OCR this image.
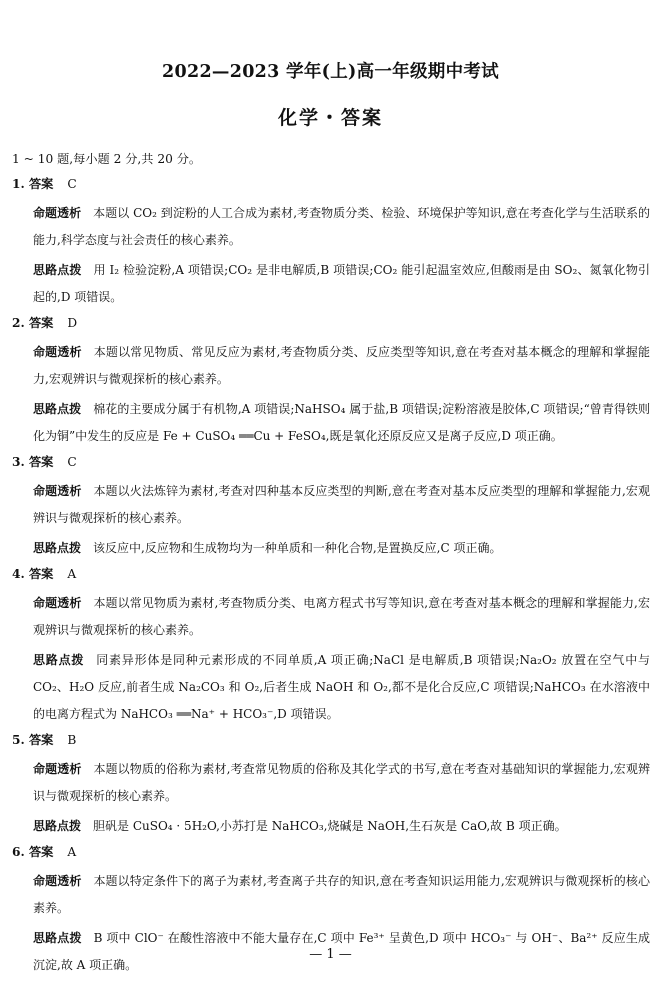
2022—2023 学年(上)高一年级期中考试
化学・答案
1 ~ 10 题,每小题 2 分,共 20 分。
1. 答案 C
命题透析 本题以 CO₂ 到淀粉的人工合成为素材,考查物质分类、检验、环境保护等知识,意在考查化学与生活联系的能力,科学态度与社会责任的核心素养。
思路点拨 用 I₂ 检验淀粉,A 项错误;CO₂ 是非电解质,B 项错误;CO₂ 能引起温室效应,但酸雨是由 SO₂、氮氧化物引起的,D 项错误。
2. 答案 D
命题透析 本题以常见物质、常见反应为素材,考查物质分类、反应类型等知识,意在考查对基本概念的理解和掌握能力,宏观辨识与微观探析的核心素养。
思路点拨 棉花的主要成分属于有机物,A 项错误;NaHSO₄ 属于盐,B 项错误;淀粉溶液是胶体,C 项错误;“曾青得铁则化为铜”中发生的反应是 Fe + CuSO₄ ══Cu + FeSO₄,既是氧化还原反应又是离子反应,D 项正确。
3. 答案 C
命题透析 本题以火法炼锌为素材,考查对四种基本反应类型的判断,意在考查对基本反应类型的理解和掌握能力,宏观辨识与微观探析的核心素养。
思路点拨 该反应中,反应物和生成物均为一种单质和一种化合物,是置换反应,C 项正确。
4. 答案 A
命题透析 本题以常见物质为素材,考查物质分类、电离方程式书写等知识,意在考查对基本概念的理解和掌握能力,宏观辨识与微观探析的核心素养。
思路点拨 同素异形体是同种元素形成的不同单质,A 项正确;NaCl 是电解质,B 项错误;Na₂O₂ 放置在空气中与 CO₂、H₂O 反应,前者生成 Na₂CO₃ 和 O₂,后者生成 NaOH 和 O₂,都不是化合反应,C 项错误;NaHCO₃ 在水溶液中的电离方程式为 NaHCO₃ ══Na⁺ + HCO₃⁻,D 项错误。
5. 答案 B
命题透析 本题以物质的俗称为素材,考查常见物质的俗称及其化学式的书写,意在考查对基础知识的掌握能力,宏观辨识与微观探析的核心素养。
思路点拨 胆矾是 CuSO₄ · 5H₂O,小苏打是 NaHCO₃,烧碱是 NaOH,生石灰是 CaO,故 B 项正确。
6. 答案 A
命题透析 本题以特定条件下的离子为素材,考查离子共存的知识,意在考查知识运用能力,宏观辨识与微观探析的核心素养。
思路点拨 B 项中 ClO⁻ 在酸性溶液中不能大量存在,C 项中 Fe³⁺ 呈黄色,D 项中 HCO₃⁻ 与 OH⁻、Ba²⁺ 反应生成沉淀,故 A 项正确。
— 1 —
